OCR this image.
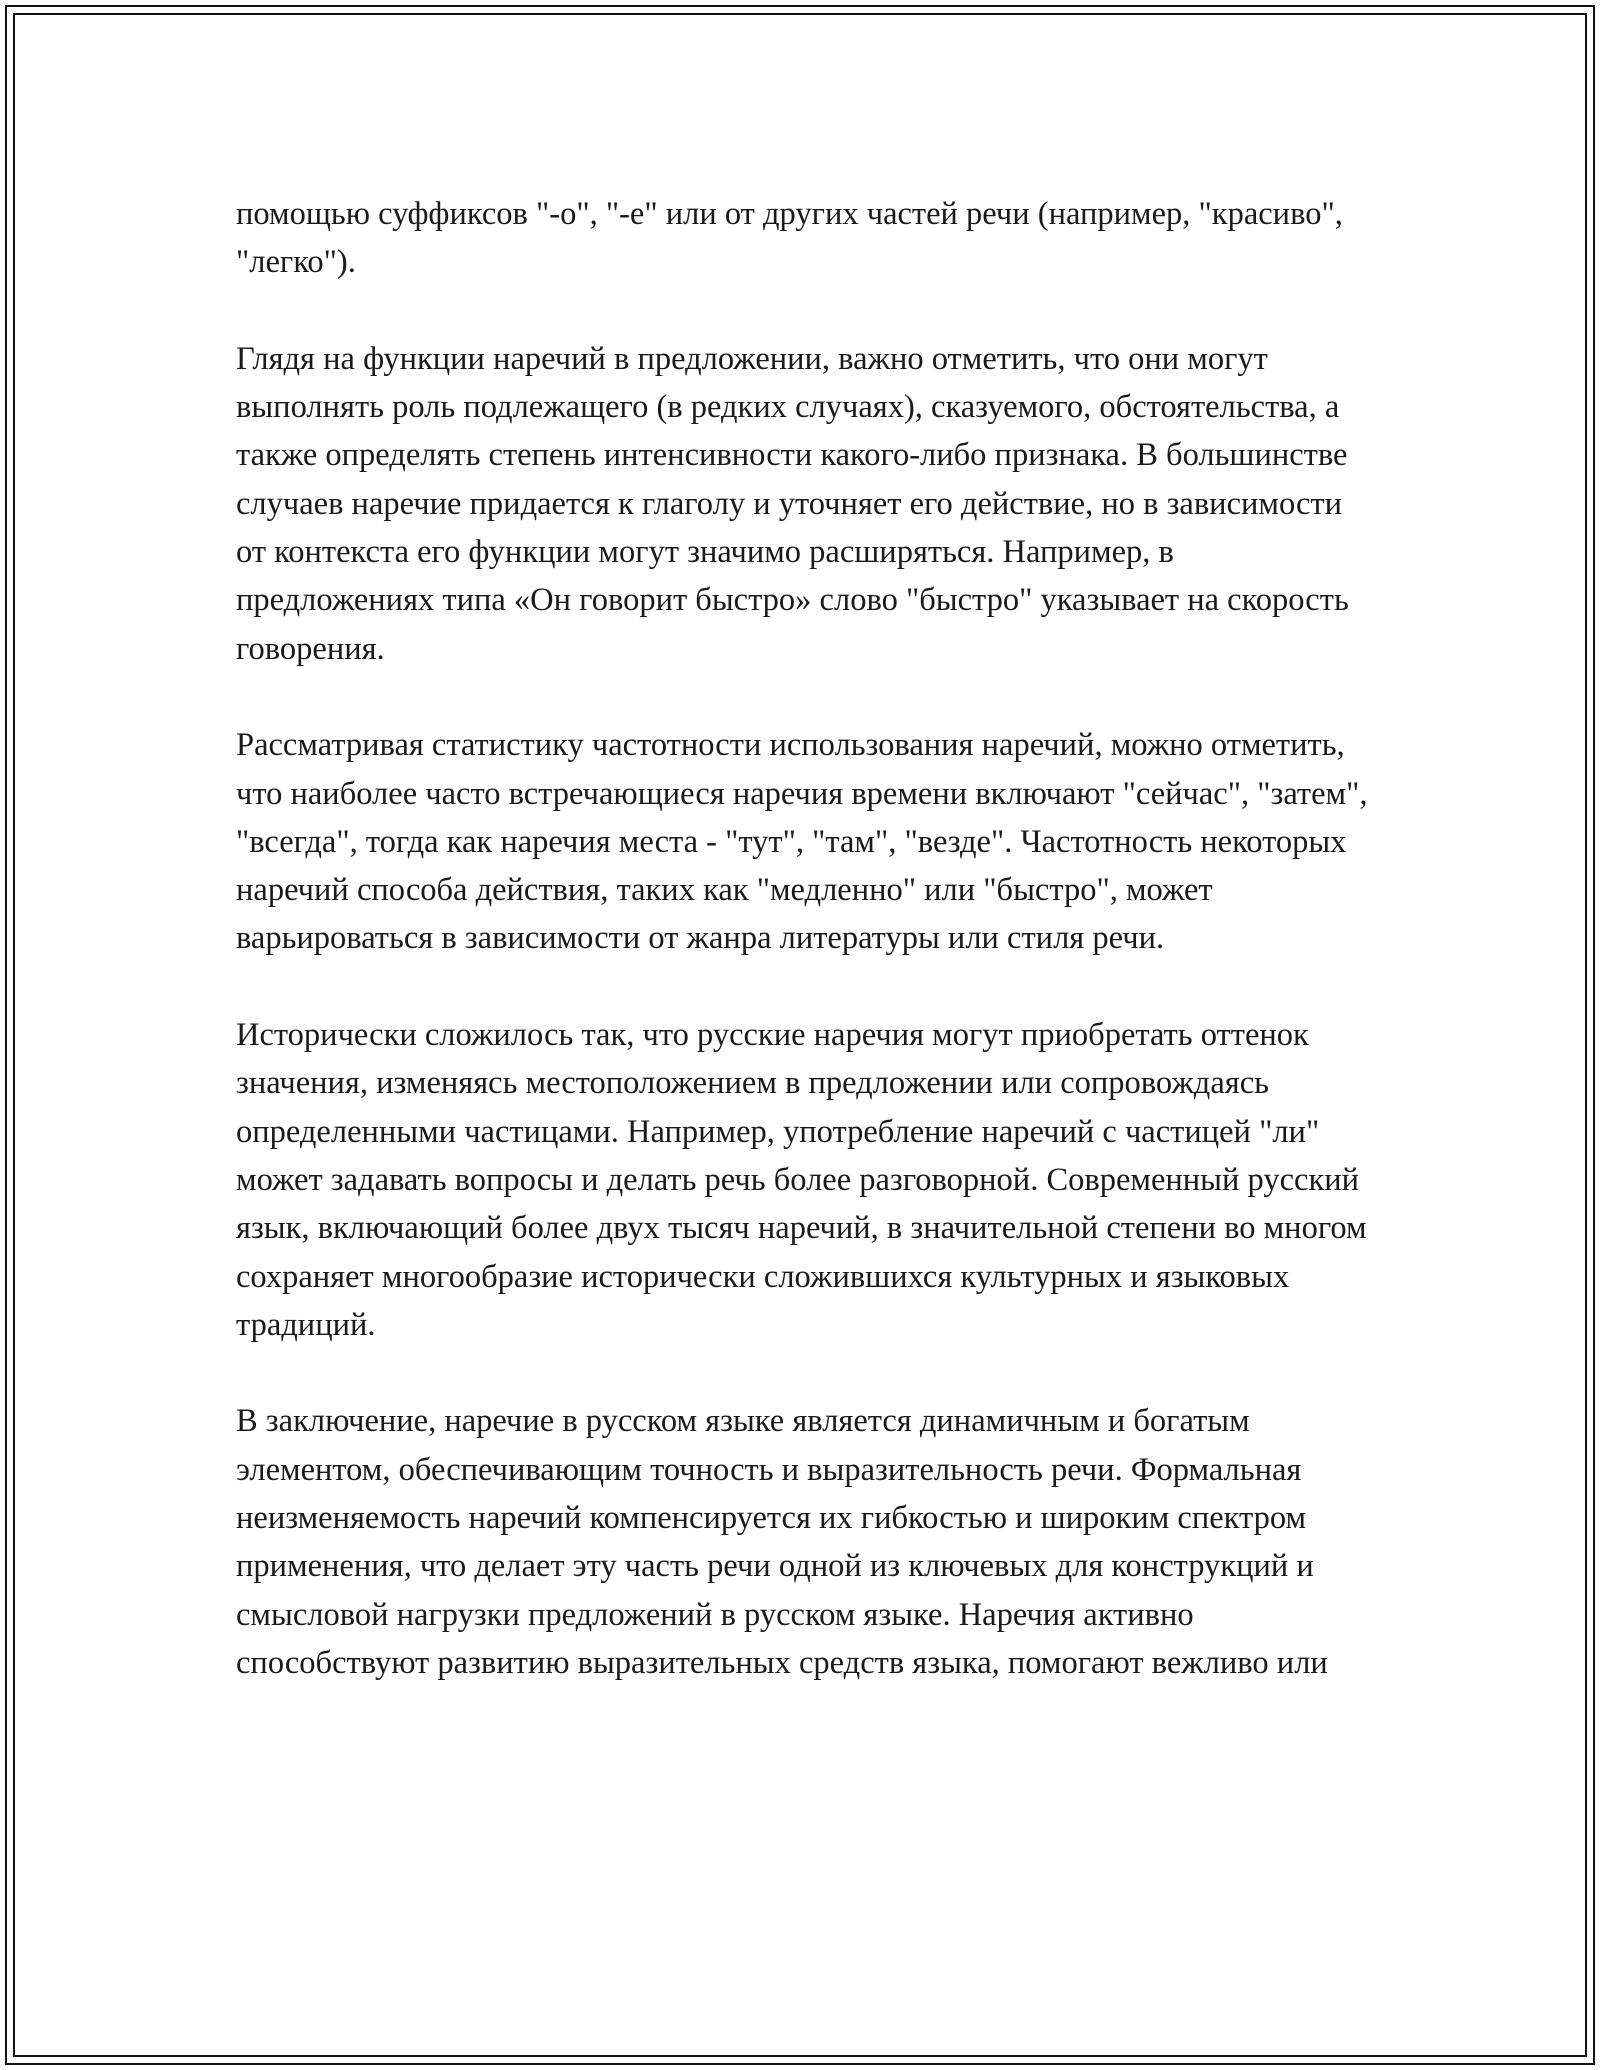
помощью суффиксов "-о", "-е" или от других частей речи (например, "красиво", "легко").

Глядя на функции наречий в предложении, важно отметить, что они могут выполнять роль подлежащего (в редких случаях), сказуемого, обстоятельства, а также определять степень интенсивности какого-либо признака. В большинстве случаев наречие придается к глаголу и уточняет его действие, но в зависимости от контекста его функции могут значимо расширяться. Например, в предложениях типа «Он говорит быстро» слово "быстро" указывает на скорость говорения.

Рассматривая статистику частотности использования наречий, можно отметить, что наиболее часто встречающиеся наречия времени включают "сейчас", "затем", "всегда", тогда как наречия места - "тут", "там", "везде". Частотность некоторых наречий способа действия, таких как "медленно" или "быстро", может варьироваться в зависимости от жанра литературы или стиля речи.

Исторически сложилось так, что русские наречия могут приобретать оттенок значения, изменяясь местоположением в предложении или сопровождаясь определенными частицами. Например, употребление наречий с частицей "ли" может задавать вопросы и делать речь более разговорной. Современный русский язык, включающий более двух тысяч наречий, в значительной степени во многом сохраняет многообразие исторически сложившихся культурных и языковых традиций.

В заключение, наречие в русском языке является динамичным и богатым элементом, обеспечивающим точность и выразительность речи. Формальная неизменяемость наречий компенсируется их гибкостью и широким спектром применения, что делает эту часть речи одной из ключевых для конструкций и смысловой нагрузки предложений в русском языке. Наречия активно способствуют развитию выразительных средств языка, помогают вежливо или
